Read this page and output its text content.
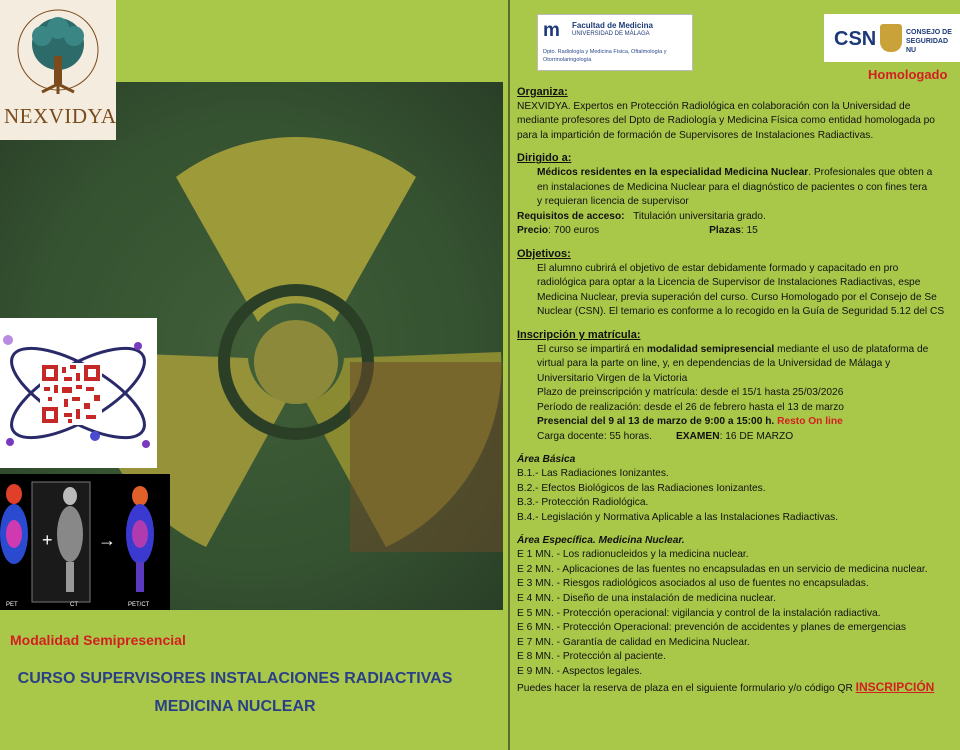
NEXVIDYA
+	→
PET	CT	PET/CT
Modalidad Semipresencial
CURSO SUPERVISORES INSTALACIONES RADIACTIVAS
MEDICINA NUCLEAR
m Facultad de Medicina
UNIVERSIDAD DE MÁLAGA
Dpto. Radiología y Medicina Física, Oftalmología y Otorrinolaringología
CSN	CONSEJO DE
SEGURIDAD NU
Homologado

Organiza:

NEXVIDYA. Expertos en Protección Radiológica en colaboración con la Universidad de

mediante profesores del Dpto de Radiología y Medicina Física como entidad homologada po

para la impartición de formación de Supervisores de Instalaciones Radiactivas.

Dirigido a:

Médicos residentes en la especialidad Medicina Nuclear. Profesionales que obten a

en instalaciones de Medicina Nuclear para el diagnóstico de pacientes o con fines tera

y requieran licencia de supervisor

Requisitos de acceso: Titulación universitaria grado.

Precio: 700 euros	Plazas: 15

Objetivos:

El alumno cubrirá el objetivo de estar debidamente formado y capacitado en pro

radiológica para optar a la Licencia de Supervisor de Instalaciones Radiactivas, espe

Medicina Nuclear, previa superación del curso. Curso Homologado por el Consejo de Se

Nuclear (CSN). El temario es conforme a lo recogido en la Guía de Seguridad 5.12 del CS

Inscripción y matrícula:

El curso se impartirá en modalidad semipresencial mediante el uso de plataforma de

virtual para la parte on line, y, en dependencias de la Universidad de Málaga y

Universitario Virgen de la Victoria

Plazo de preinscripción y matrícula: desde el 15/1 hasta 25/03/2026

Período de realización: desde el 26 de febrero hasta el 13 de marzo

Presencial del 9 al 13 de marzo de 9:00 a 15:00 h. Resto On line

Carga docente: 55 horas. EXAMEN: 16 DE MARZO

Área Básica

B.1.- Las Radiaciones Ionizantes.

B.2.- Efectos Biológicos de las Radiaciones Ionizantes.

B.3.- Protección Radiológica.

B.4.- Legislación y Normativa Aplicable a las Instalaciones Radiactivas.

Área Específica. Medicina Nuclear.

E 1 MN. - Los radionucleidos y la medicina nuclear.

E 2 MN. - Aplicaciones de las fuentes no encapsuladas en un servicio de medicina nuclear.

E 3 MN. - Riesgos radiológicos asociados al uso de fuentes no encapsuladas.

E 4 MN. - Diseño de una instalación de medicina nuclear.

E 5 MN. - Protección operacional: vigilancia y control de la instalación radiactiva.

E 6 MN. - Protección Operacional: prevención de accidentes y planes de emergencias

E 7 MN. - Garantía de calidad en Medicina Nuclear.

E 8 MN. - Protección al paciente.

E 9 MN. - Aspectos legales.

Puedes hacer la reserva de plaza en el siguiente formulario y/o código QR INSCRIPCIÓN
